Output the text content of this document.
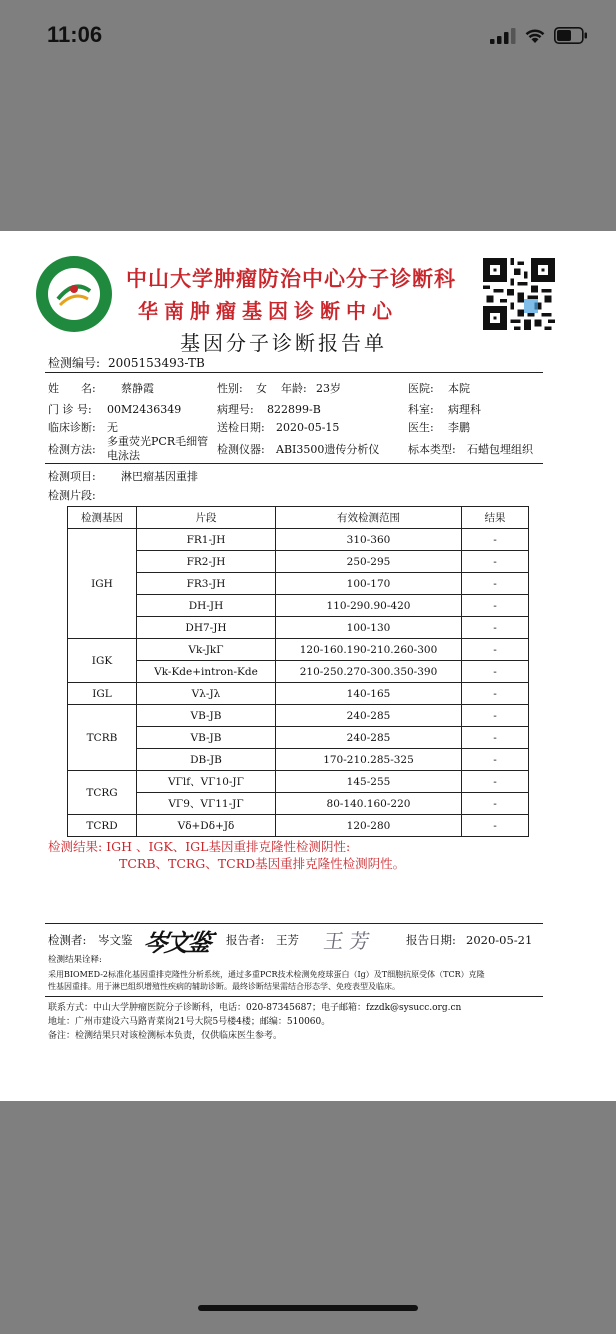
11:06
中山大学肿瘤防治中心分子诊断科
华南肿瘤基因诊断中心
基因分子诊断报告单
检测编号: 2005153493-TB
姓　　名: 蔡静霞	性别: 女 年龄: 23岁	医院: 本院
门 诊 号: 00M2436349	病理号: 822899-B	科室: 病理科
临床诊断: 无	送检日期: 2020-05-15	医生: 李鹏
检测方法:
多重荧光PCR毛细管
电泳法	检测仪器: ABI3500遗传分析仪	标本类型: 石蜡包埋组织
检测项目: 淋巴瘤基因重排
检测片段:
检测基因	片段	有效检测范围	结果
IGH	FR1-JH	310-360	-
	FR2-JH	250-295	-
	FR3-JH	100-170	-
	DH-JH	110-290.90-420	-
	DH7-JH	100-130	-
IGK	Vk-JkΓ	120-160.190-210.260-300	-
	Vk-Kde+intron-Kde	210-250.270-300.350-390	-
IGL	Vλ-Jλ	140-165	-
TCRB	VB-JB	240-285	-
	VB-JB	240-285	-
	DB-JB	170-210.285-325	-
TCRG	VΓlf、VΓ10-JΓ	145-255	-
	VΓ9、VΓ11-JΓ	80-140.160-220	-
TCRD	Vδ+Dδ+Jδ	120-280	-
检测结果: IGH 、IGK、IGL基因重排克隆性检测阴性:
TCRB、TCRG、TCRD基因重排克隆性检测阴性。
检测者: 岑文鉴 岑文鉴 报告者: 王芳 王芳 报告日期: 2020-05-21
检测结果诠释:
采用BIOMED-2标准化基因重排克隆性分析系统，通过多重PCR技术检测免疫球蛋白（Ig）及T细胞抗原受体（TCR）克隆
性基因重排。用于淋巴组织增殖性疾病的辅助诊断。最终诊断结果需结合形态学、免疫表型及临床。
联系方式：中山大学肿瘤医院分子诊断科，电话：020-87345687；电子邮箱：fzzdk@sysucc.org.cn
地址：广州市建设六马路青菜岗21号大院5号楼4楼；邮编：510060。
备注：检测结果只对该检测标本负责，仅供临床医生参考。
